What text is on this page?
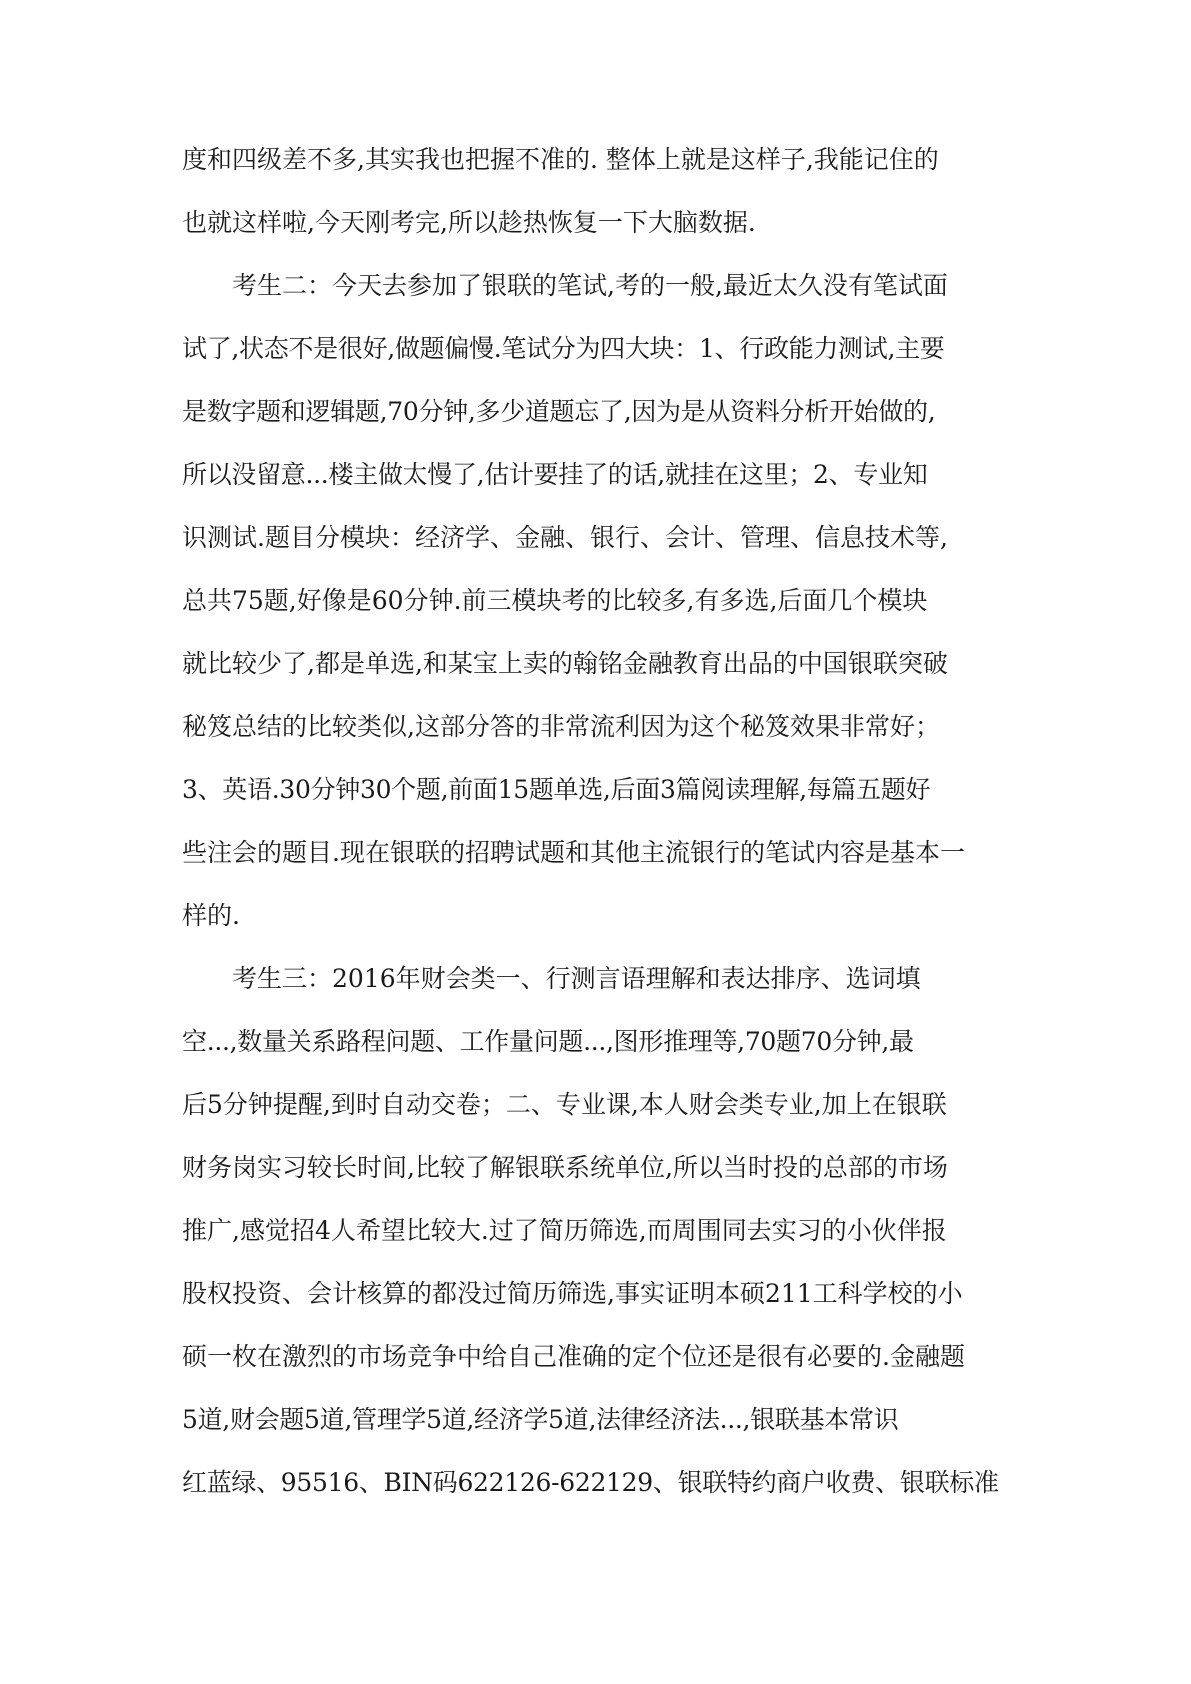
度和四级差不多,其实我也把握不准的. 整体上就是这样子,我能记住的
也就这样啦,今天刚考完,所以趁热恢复一下大脑数据.
考生二：今天去参加了银联的笔试,考的一般,最近太久没有笔试面
试了,状态不是很好,做题偏慢.笔试分为四大块：1、行政能力测试,主要
是数字题和逻辑题,70分钟,多少道题忘了,因为是从资料分析开始做的,
所以没留意...楼主做太慢了,估计要挂了的话,就挂在这里；2、专业知
识测试.题目分模块：经济学、金融、银行、会计、管理、信息技术等,
总共75题,好像是60分钟.前三模块考的比较多,有多选,后面几个模块
就比较少了,都是单选,和某宝上卖的翰铭金融教育出品的中国银联突破
秘笈总结的比较类似,这部分答的非常流利因为这个秘笈效果非常好；
3、英语.30分钟30个题,前面15题单选,后面3篇阅读理解,每篇五题好
些注会的题目.现在银联的招聘试题和其他主流银行的笔试内容是基本一
样的.
考生三：2016年财会类一、行测言语理解和表达排序、选词填
空...,数量关系路程问题、工作量问题...,图形推理等,70题70分钟,最
后5分钟提醒,到时自动交卷；二、专业课,本人财会类专业,加上在银联
财务岗实习较长时间,比较了解银联系统单位,所以当时投的总部的市场
推广,感觉招4人希望比较大.过了简历筛选,而周围同去实习的小伙伴报
股权投资、会计核算的都没过简历筛选,事实证明本硕211工科学校的小
硕一枚在激烈的市场竞争中给自己准确的定个位还是很有必要的.金融题
5道,财会题5道,管理学5道,经济学5道,法律经济法...,银联基本常识
红蓝绿、95516、BIN码622126-622129、银联特约商户收费、银联标准
